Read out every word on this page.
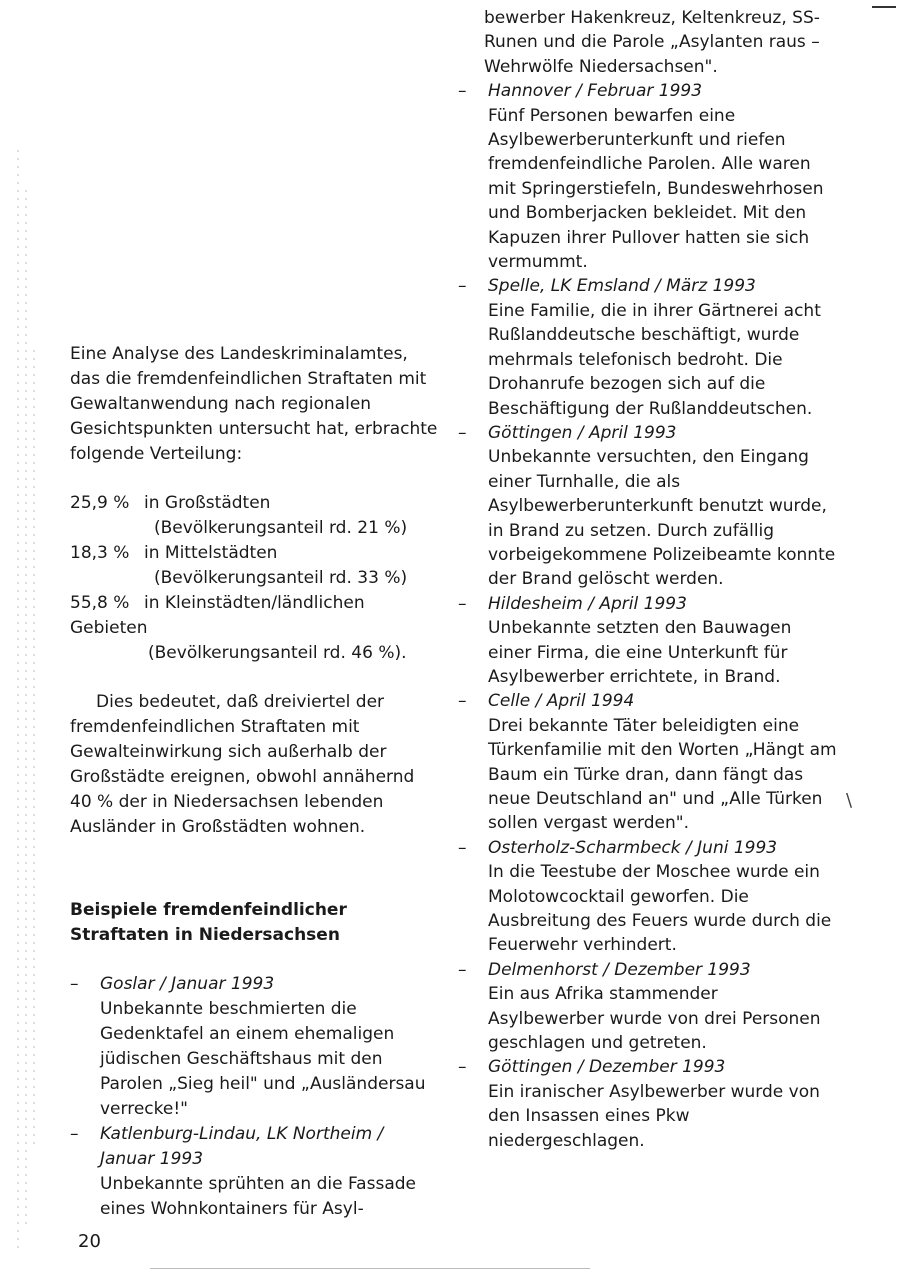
\

Eine Analyse des Landeskriminalamtes, das die fremdenfeindlichen Straftaten mit Gewaltanwendung nach regionalen Gesichtspunkten untersucht hat, erbrachte folgende Verteilung:

25,9 % in Großstädten
(Bevölkerungsanteil rd. 21 %)
18,3 % in Mittelstädten
(Bevölkerungsanteil rd. 33 %)
55,8 % in Kleinstädten/ländlichen
Gebieten
(Bevölkerungsanteil rd. 46 %).

Dies bedeutet, daß dreiviertel der fremdenfeindlichen Straftaten mit Gewalteinwirkung sich außerhalb der Großstädte ereignen, obwohl annähernd 40 % der in Niedersachsen lebenden Ausländer in Großstädten wohnen.

Beispiele fremdenfeindlicher Straftaten in Niedersachsen
– Goslar / Januar 1993
Unbekannte beschmierten die Gedenktafel an einem ehemaligen jüdischen Geschäftshaus mit den Parolen „Sieg heil" und „Ausländersau verrecke!"
– Katlenburg-Lindau, LK Northeim / Januar 1993
Unbekannte sprühten an die Fassade eines Wohnkontainers für Asyl-
bewerber Hakenkreuz, Keltenkreuz, SS-Runen und die Parole „Asylanten raus – Wehrwölfe Niedersachsen".
– Hannover / Februar 1993
Fünf Personen bewarfen eine Asylbewerberunterkunft und riefen fremdenfeindliche Parolen. Alle waren mit Springerstiefeln, Bundeswehrhosen und Bomberjacken bekleidet. Mit den Kapuzen ihrer Pullover hatten sie sich vermummt.
– Spelle, LK Emsland / März 1993
Eine Familie, die in ihrer Gärtnerei acht Rußlanddeutsche beschäftigt, wurde mehrmals telefonisch bedroht. Die Drohanrufe bezogen sich auf die Beschäftigung der Rußlanddeutschen.
– Göttingen / April 1993
Unbekannte versuchten, den Eingang einer Turnhalle, die als Asylbewerberunterkunft benutzt wurde, in Brand zu setzen. Durch zufällig vorbeigekommene Polizeibeamte konnte der Brand gelöscht werden.
– Hildesheim / April 1993
Unbekannte setzten den Bauwagen einer Firma, die eine Unterkunft für Asylbewerber errichtete, in Brand.
– Celle / April 1994
Drei bekannte Täter beleidigten eine Türkenfamilie mit den Worten „Hängt am Baum ein Türke dran, dann fängt das neue Deutschland an" und „Alle Türken sollen vergast werden".
– Osterholz-Scharmbeck / Juni 1993
In die Teestube der Moschee wurde ein Molotowcocktail geworfen. Die Ausbreitung des Feuers wurde durch die Feuerwehr verhindert.
– Delmenhorst / Dezember 1993
Ein aus Afrika stammender Asylbewerber wurde von drei Personen geschlagen und getreten.
– Göttingen / Dezember 1993
Ein iranischer Asylbewerber wurde von den Insassen eines Pkw niedergeschlagen.
20
